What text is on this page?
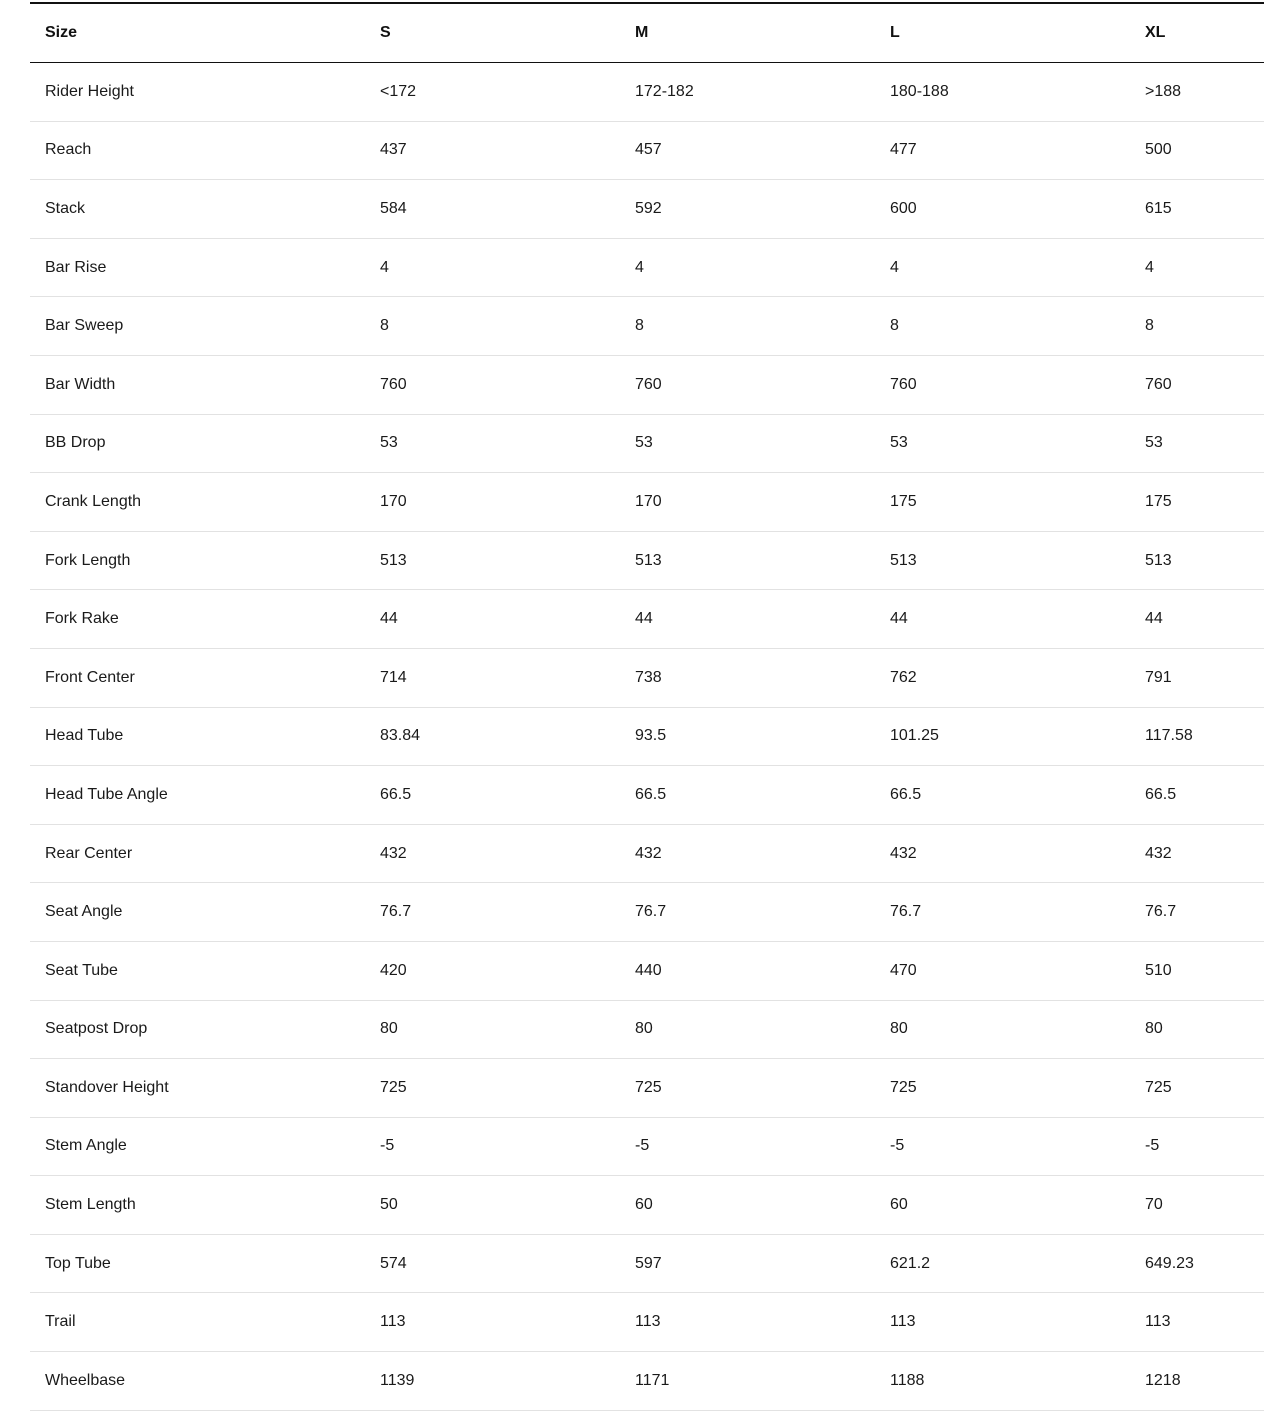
Size	S	M	L	XL
Rider Height	<172	172-182	180-188	>188
Reach	437	457	477	500
Stack	584	592	600	615
Bar Rise	4	4	4	4
Bar Sweep	8	8	8	8
Bar Width	760	760	760	760
BB Drop	53	53	53	53
Crank Length	170	170	175	175
Fork Length	513	513	513	513
Fork Rake	44	44	44	44
Front Center	714	738	762	791
Head Tube	83.84	93.5	101.25	117.58
Head Tube Angle	66.5	66.5	66.5	66.5
Rear Center	432	432	432	432
Seat Angle	76.7	76.7	76.7	76.7
Seat Tube	420	440	470	510
Seatpost Drop	80	80	80	80
Standover Height	725	725	725	725
Stem Angle	-5	-5	-5	-5
Stem Length	50	60	60	70
Top Tube	574	597	621.2	649.23
Trail	113	113	113	113
Wheelbase	1139	1171	1188	1218
